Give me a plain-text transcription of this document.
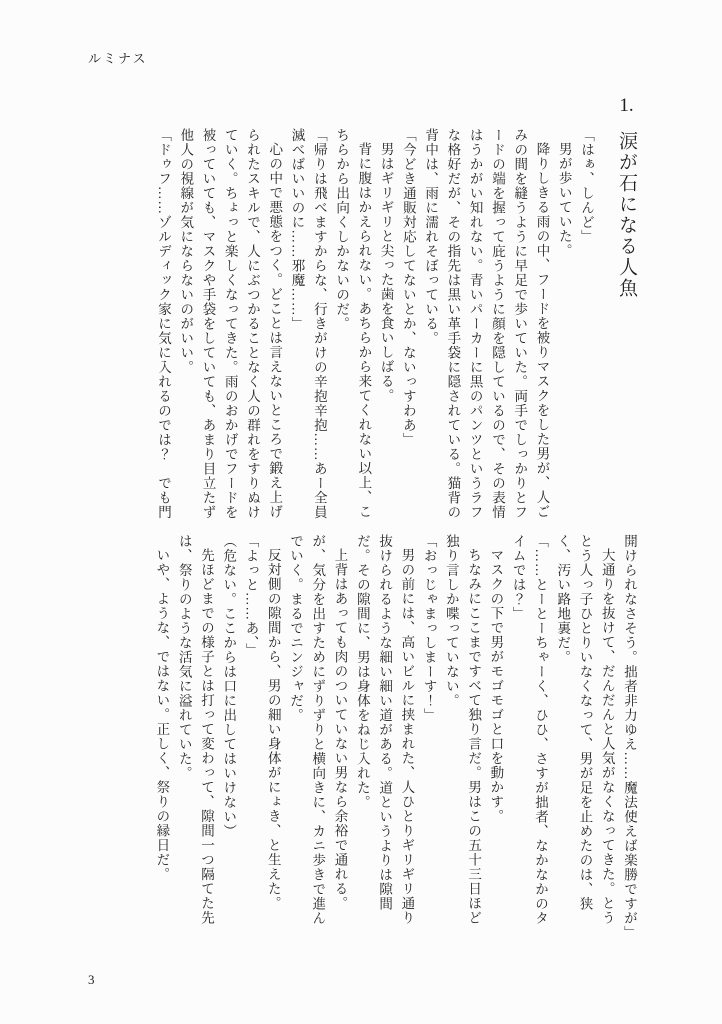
ルミナス
1.涙が石になる人魚

「はぁ、しんど」

男が歩いていた。

降りしきる雨の中、フードを被りマスクをした男が、人ごみの間を縫うように早足で歩いていた。両手でしっかりとフードの端を握って庇うように顔を隠しているので、その表情はうかがい知れない。青いパーカーに黒のパンツというラフな格好だが、その指先は黒い革手袋に隠されている。猫背の背中は、雨に濡れそぼっている。

「今どき通販対応してないとか、ないっすわあ」

男はギリギリと尖った歯を食いしばる。

背に腹はかえられない。あちらから来てくれない以上、こちらから出向くしかないのだ。

「帰りは飛べますからな、行きがけの辛抱辛抱……あー全員滅べばいいのに……邪魔……」

心の中で悪態をつく。どことは言えないところで鍛え上げられたスキルで、人にぶつかることなく人の群れをすりぬけていく。ちょっと楽しくなってきた。雨のおかげでフードを被っていても、マスクや手袋をしていても、あまり目立たず他人の視線が気にならないのがいい。

「ドゥフ……ゾルディック家に気に入れるのでは？　でも門

開けられなさそう。拙者非力ゆえ……魔法使えば楽勝ですが」

大通りを抜けて、だんだんと人気がなくなってきた。とうとう人っ子ひとりいなくなって、男が足を止めたのは、狭く、汚い路地裏だ。

「……とーとーちゃーく、ひひ、さすが拙者、なかなかのタイムでは？」

マスクの下で男がモゴモゴと口を動かす。

ちなみにここまですべて独り言だ。男はこの五十三日ほど独り言しか喋っていない。

「おっじゃまっしまーす！」

男の前には、高いビルに挟まれた、人ひとりギリギリ通り抜けられるような細い細い道がある。道というよりは隙間だ。その隙間に、男は身体をねじ入れた。

上背はあっても肉のついていない男なら余裕で通れる。が、気分を出すためにずりずりと横向きに、カニ歩きで進んでいく。まるでニンジャだ。

反対側の隙間から、男の細い身体がにょき、と生えた。

「よっと……あ、」

（危ない。ここからは口に出してはいけない）

先ほどまでの様子とは打って変わって、隙間一つ隔てた先は、祭りのような活気に溢れていた。

いや、ような、ではない。正しく、祭りの縁日だ。

3
